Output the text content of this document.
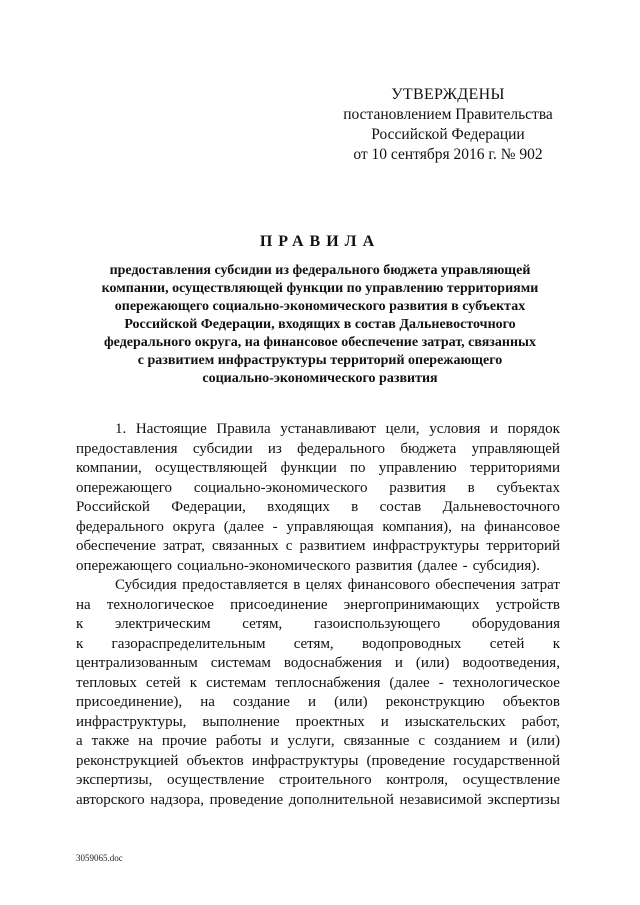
УТВЕРЖДЕНЫ
постановлением Правительства
Российской Федерации
от 10 сентября 2016 г. № 902
ПРАВИЛА
предоставления субсидии из федерального бюджета управляющей
компании, осуществляющей функции по управлению территориями
опережающего социально-экономического развития в субъектах
Российской Федерации, входящих в состав Дальневосточного
федерального округа, на финансовое обеспечение затрат, связанных
с развитием инфраструктуры территорий опережающего
социально-экономического развития
1. Настоящие Правила устанавливают цели, условия и порядок
предоставления субсидии из федерального бюджета управляющей
компании, осуществляющей функции по управлению территориями
опережающего социально-экономического развития в субъектах
Российской Федерации, входящих в состав Дальневосточного
федерального округа (далее - управляющая компания), на финансовое
обеспечение затрат, связанных с развитием инфраструктуры территорий
опережающего социально-экономического развития (далее - субсидия).
Субсидия предоставляется в целях финансового обеспечения затрат
на технологическое присоединение энергопринимающих устройств
к электрическим сетям, газоиспользующего оборудования
к газораспределительным сетям, водопроводных сетей к
централизованным системам водоснабжения и (или) водоотведения,
тепловых сетей к системам теплоснабжения (далее - технологическое
присоединение), на создание и (или) реконструкцию объектов
инфраструктуры, выполнение проектных и изыскательских работ,
а также на прочие работы и услуги, связанные с созданием и (или)
реконструкцией объектов инфраструктуры (проведение государственной
экспертизы, осуществление строительного контроля, осуществление
авторского надзора, проведение дополнительной независимой экспертизы
3059065.doc
